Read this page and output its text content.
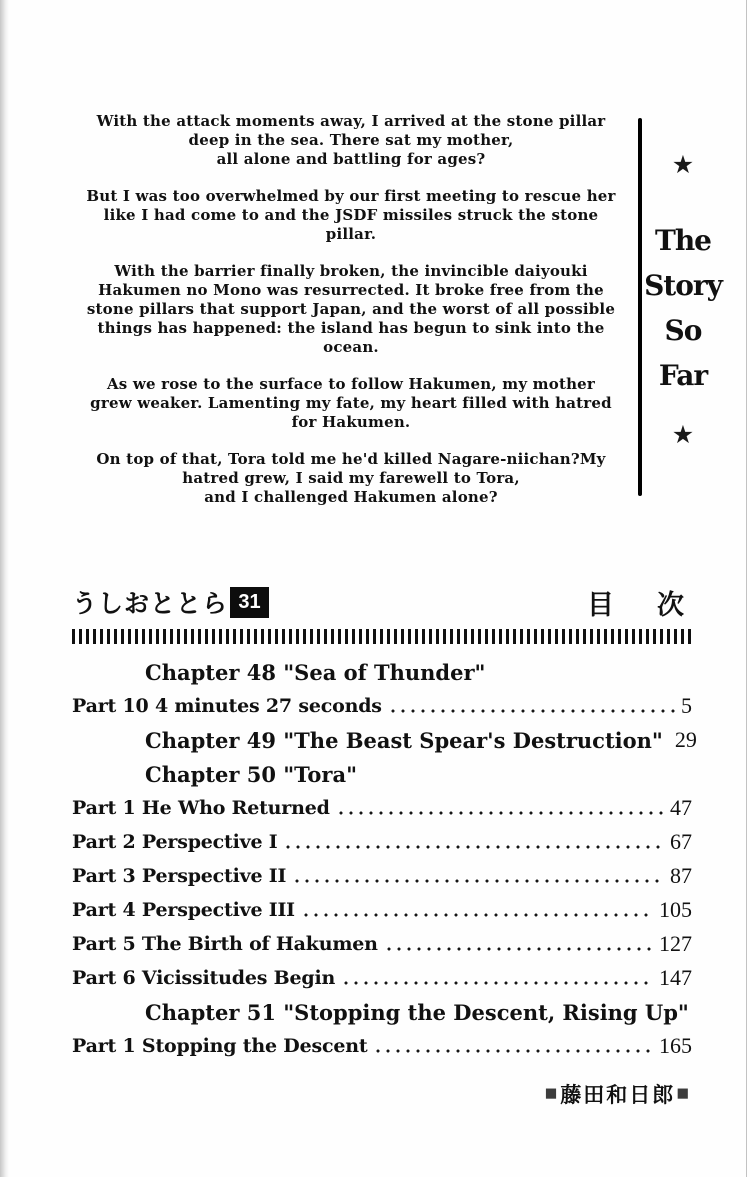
With the attack moments away, I arrived at the stone pillar
deep in the sea. There sat my mother,
all alone and battling for ages?

But I was too overwhelmed by our first meeting to rescue her
like I had come to and the JSDF missiles struck the stone
pillar.

With the barrier finally broken, the invincible daiyouki
Hakumen no Mono was resurrected. It broke free from the
stone pillars that support Japan, and the worst of all possible
things has happened: the island has begun to sink into the
ocean.

As we rose to the surface to follow Hakumen, my mother
grew weaker. Lamenting my fate, my heart filled with hatred
for Hakumen.

On top of that, Tora told me he'd killed Nagare-niichan?My
hatred grew, I said my farewell to Tora,
and I challenged Hakumen alone?

★
The
Story
So
Far
★
うしおととら 31	目　次
Chapter 48 "Sea of Thunder"
Part 10 4 minutes 27 seconds	5
Chapter 49 "The Beast Spear's Destruction" 29
Chapter 50 "Tora"
Part 1 He Who Returned	47
Part 2 Perspective I	67
Part 3 Perspective II	87
Part 4 Perspective III	105
Part 5 The Birth of Hakumen	127
Part 6 Vicissitudes Begin	147
Chapter 51 "Stopping the Descent, Rising Up"
Part 1 Stopping the Descent	165
■ 藤田和日郎 ■
